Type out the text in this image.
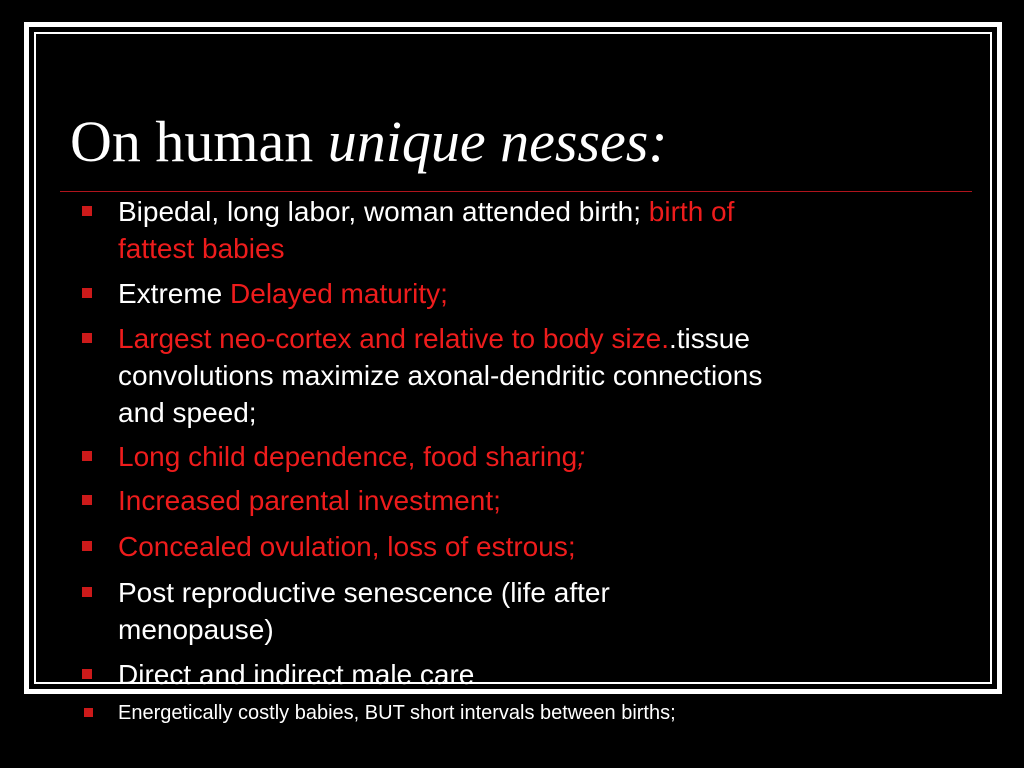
On human unique nesses:
Bipedal, long labor, woman attended birth; birth of fattest babies
Extreme Delayed maturity;
Largest neo-cortex and relative to body size..tissue convolutions maximize axonal-dendritic connections and speed;
Long child dependence, food sharing;
Increased parental investment;
Concealed ovulation, loss of estrous;
Post reproductive senescence (life after menopause)
Direct and indirect male care
Energetically costly babies, BUT short intervals between births;
